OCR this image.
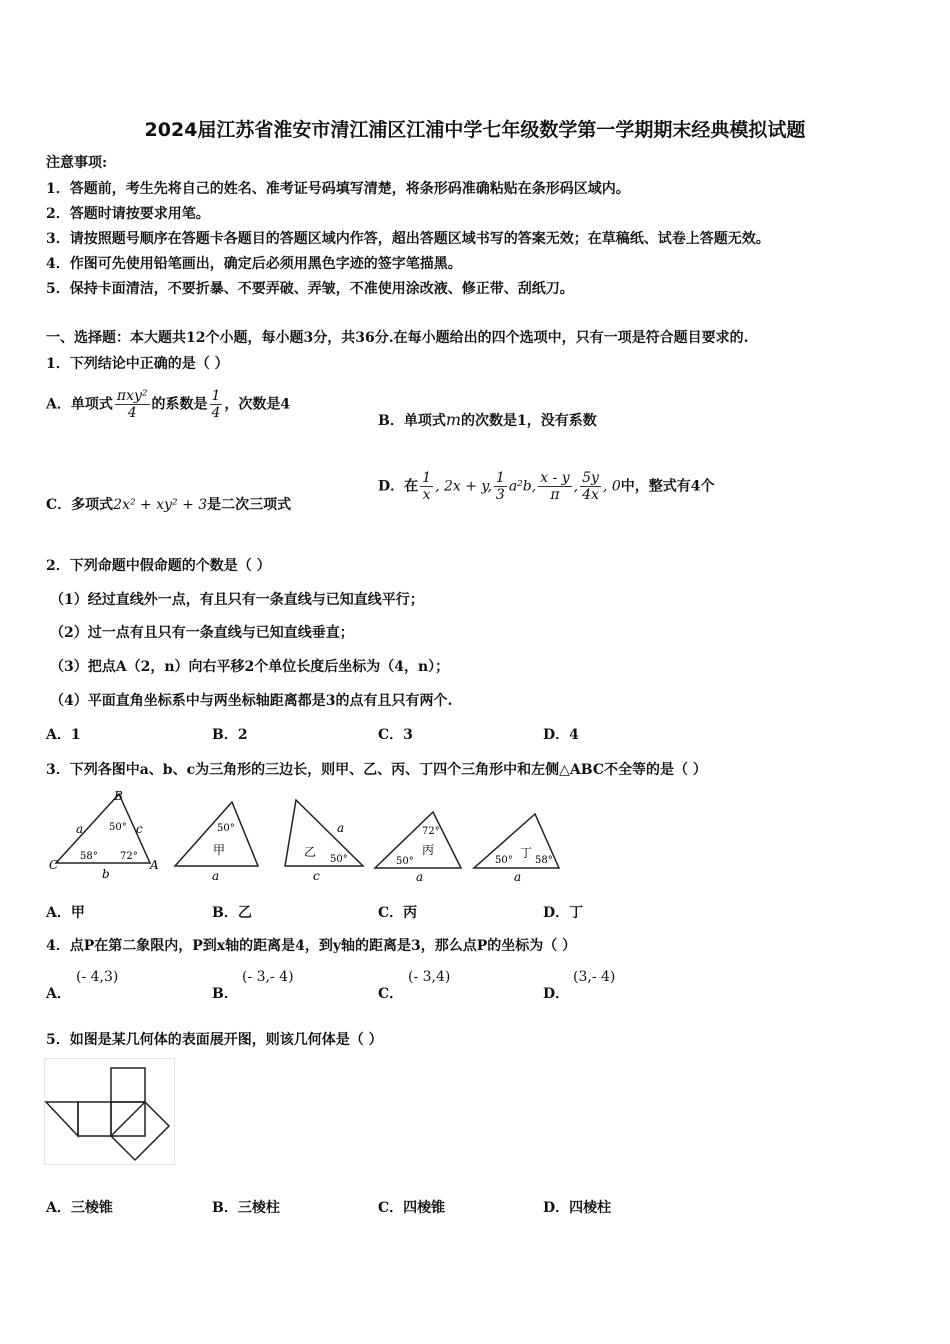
2024届江苏省淮安市清江浦区江浦中学七年级数学第一学期期末经典模拟试题
注意事项:
1．答题前，考生先将自己的姓名、准考证号码填写清楚，将条形码准确粘贴在条形码区域内。
2．答题时请按要求用笔。
3．请按照题号顺序在答题卡各题目的答题区域内作答，超出答题区域书写的答案无效；在草稿纸、试卷上答题无效。
4．作图可先使用铅笔画出，确定后必须用黑色字迹的签字笔描黑。
5．保持卡面清洁，不要折暴、不要弄破、弄皱，不准使用涂改液、修正带、刮纸刀。
一、选择题：本大题共12个小题，每小题3分，共36分.在每小题给出的四个选项中，只有一项是符合题目要求的.
1．下列结论中正确的是（ ）
A．单项式 $\frac{\text{πxy²}}{4}$ 的系数是 $\frac{1}{4}$ ，次数是4
B．单项式m的次数是1，没有系数
C．多项式2x² + xy² + 3是二次三项式
D．在 $\frac{1}{x}$ , 2x + y, $\frac{1}{3} a^2b$, $\frac{x - y}{\pi}$ , $\frac{5y}{4x}$ , 0中，整式有4个
2．下列命题中假命题的个数是（ ）
（1）经过直线外一点，有且只有一条直线与已知直线平行；
（2）过一点有且只有一条直线与已知直线垂直；
（3）把点A（2，n）向右平移2个单位长度后坐标为（4，n）；
（4）平面直角坐标系中与两坐标轴距离都是3的点有且只有两个.
A．1	B．2	C．3	D．4
3．下列各图中a、b、c为三角形的三边长，则甲、乙、丙、丁四个三角形中和左侧△ABC不全等的是（ ）
B
C	A
a	c
b
50°
58° 72°
50°
甲
a
a
乙
50°
c
72°
丙
50°
a
丁
50° 58°
a
A．甲	B．乙	C．丙	D．丁
4．点P在第二象限内，P到x轴的距离是4，到y轴的距离是3，那么点P的坐标为（ ）
A．
(- 4,3)
B．
(- 3,- 4)
C．
(- 3,4)
D．
(3,- 4)
5．如图是某几何体的表面展开图，则该几何体是（ ）
A．三棱锥	B．三棱柱	C．四棱锥	D．四棱柱
